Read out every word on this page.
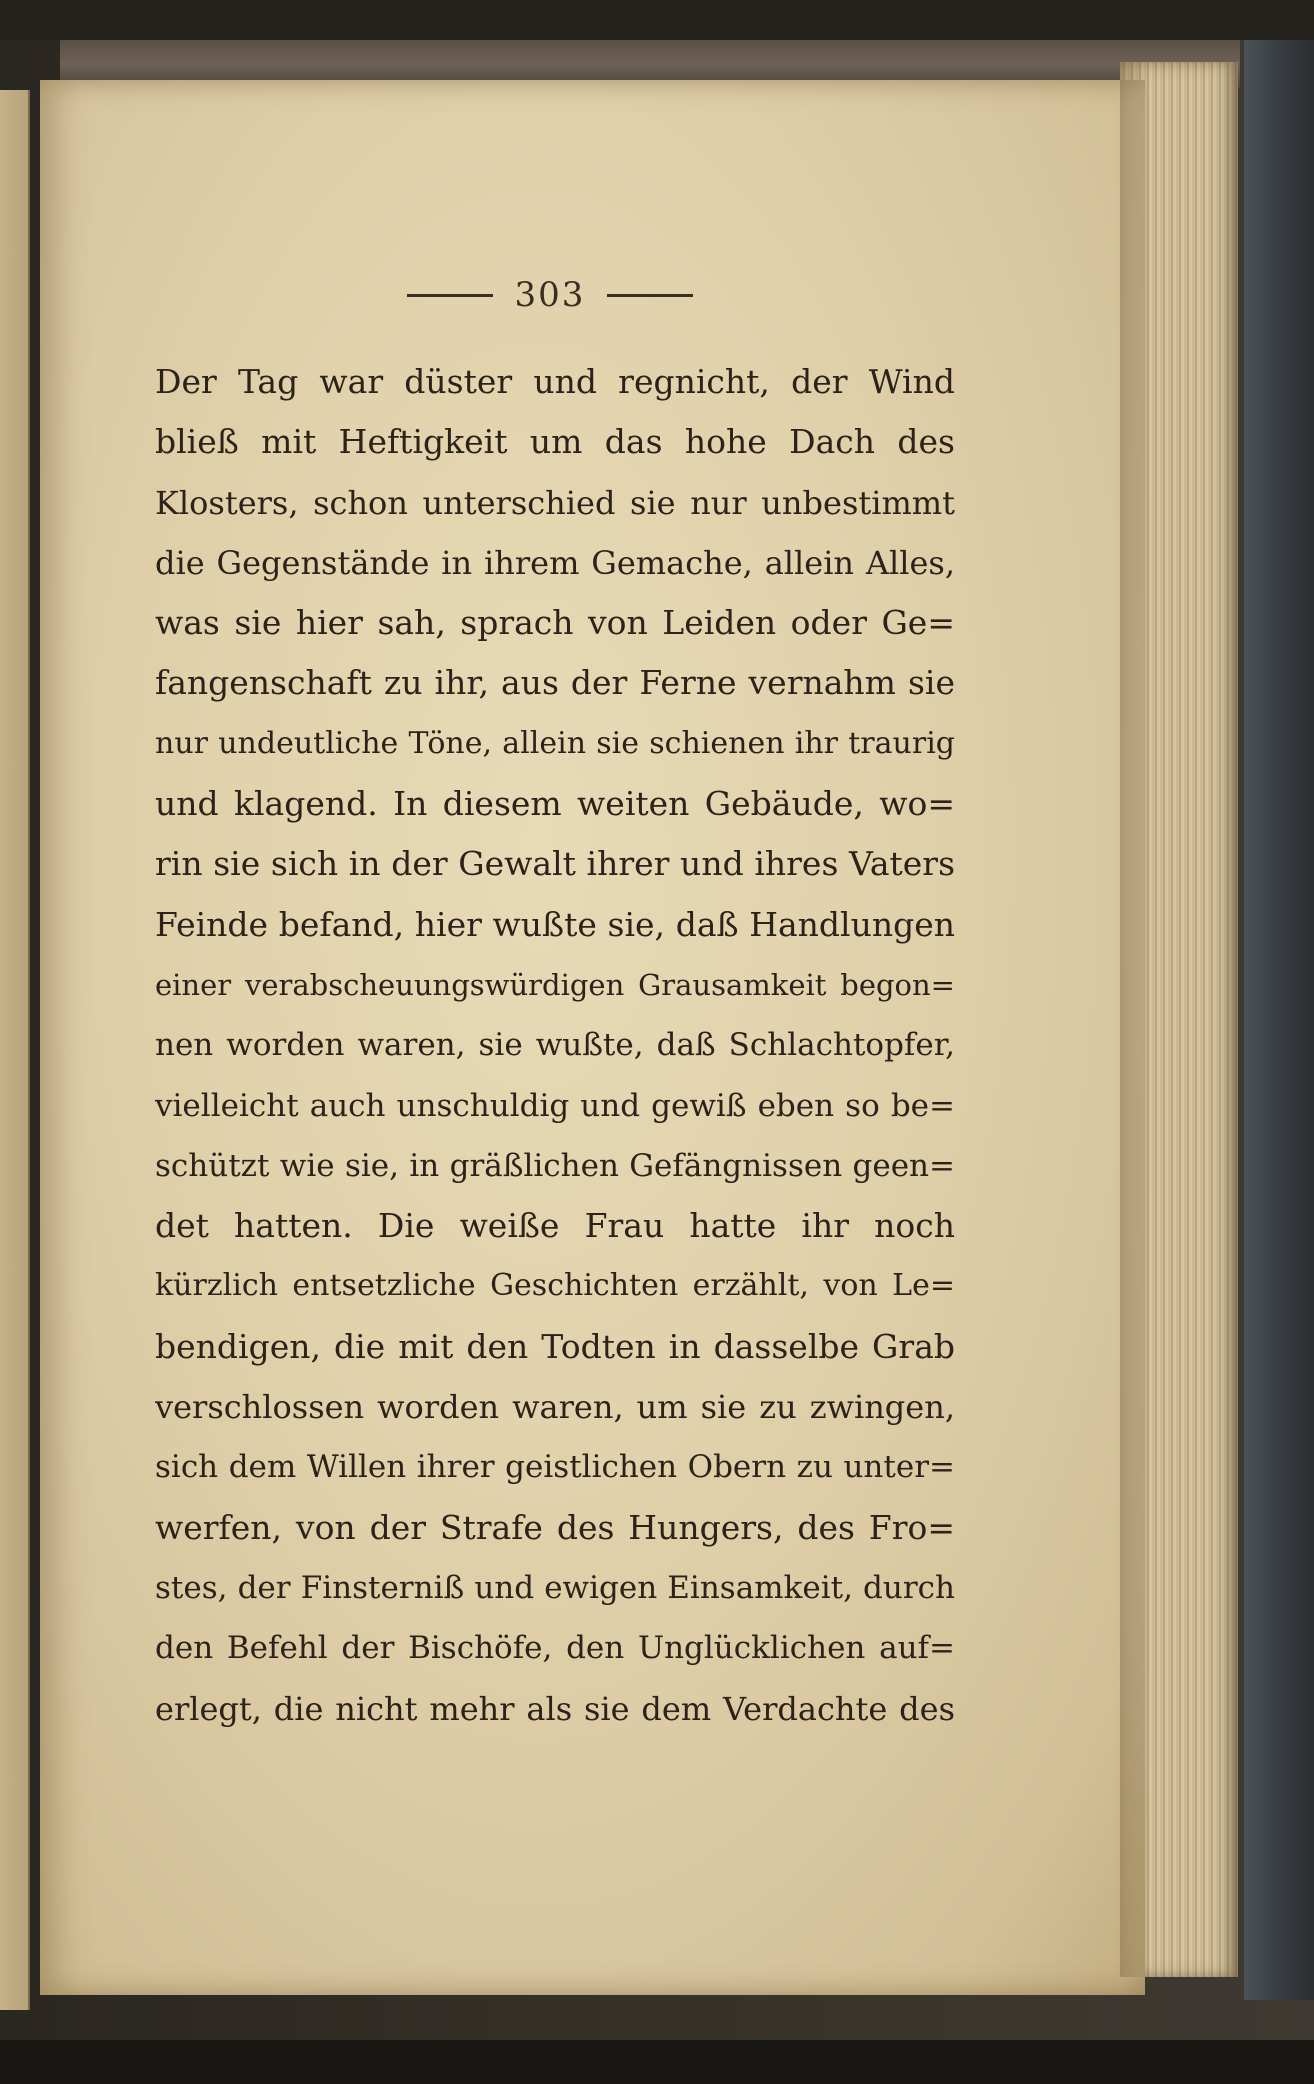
303
Der Tag war düster und regnicht, der Wind
bließ mit Heftigkeit um das hohe Dach des
Klosters, schon unterschied sie nur unbestimmt
die Gegenstände in ihrem Gemache, allein Alles,
was sie hier sah, sprach von Leiden oder Ge=
fangenschaft zu ihr, aus der Ferne vernahm sie
nur undeutliche Töne, allein sie schienen ihr traurig
und klagend. In diesem weiten Gebäude, wo=
rin sie sich in der Gewalt ihrer und ihres Vaters
Feinde befand, hier wußte sie, daß Handlungen
einer verabscheuungswürdigen Grausamkeit begon=
nen worden waren, sie wußte, daß Schlachtopfer,
vielleicht auch unschuldig und gewiß eben so be=
schützt wie sie, in gräßlichen Gefängnissen geen=
det hatten. Die weiße Frau hatte ihr noch
kürzlich entsetzliche Geschichten erzählt, von Le=
bendigen, die mit den Todten in dasselbe Grab
verschlossen worden waren, um sie zu zwingen,
sich dem Willen ihrer geistlichen Obern zu unter=
werfen, von der Strafe des Hungers, des Fro=
stes, der Finsterniß und ewigen Einsamkeit, durch
den Befehl der Bischöfe, den Unglücklichen auf=
erlegt, die nicht mehr als sie dem Verdachte des
